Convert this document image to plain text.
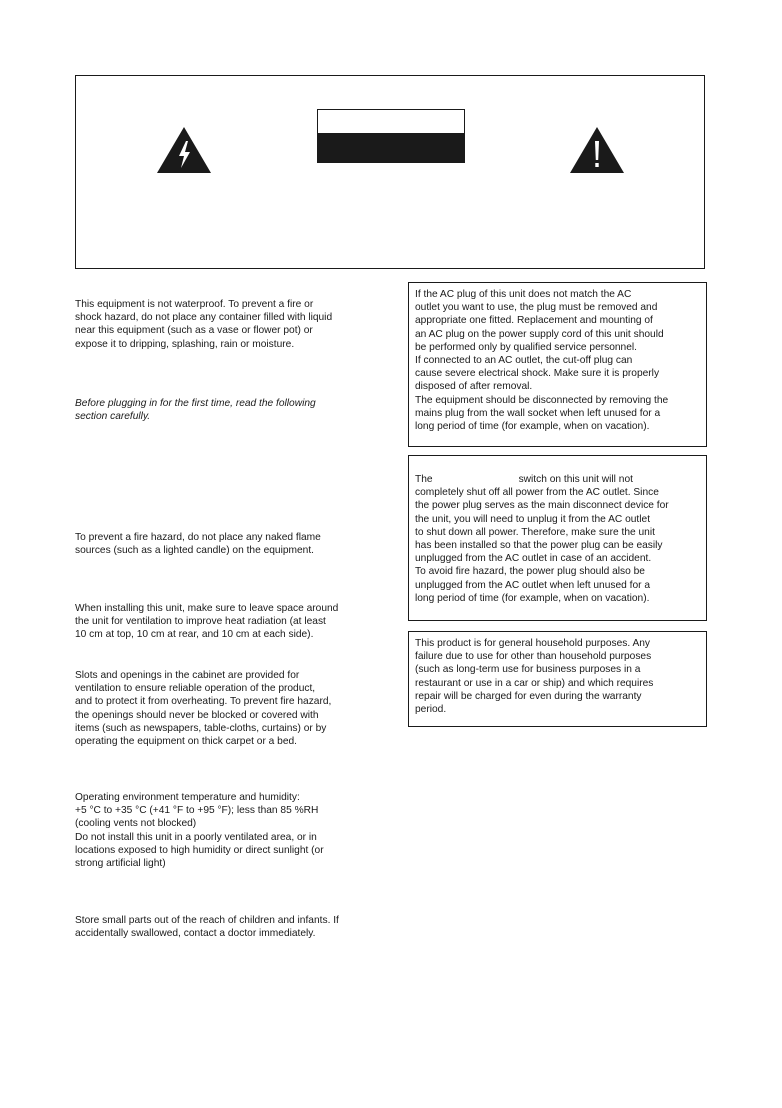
This equipment is not waterproof. To prevent a fire or
shock hazard, do not place any container filled with liquid
near this equipment (such as a vase or flower pot) or
expose it to dripping, splashing, rain or moisture.

Before plugging in for the first time, read the following
section carefully.

To prevent a fire hazard, do not place any naked flame
sources (such as a lighted candle) on the equipment.

When installing this unit, make sure to leave space around
the unit for ventilation to improve heat radiation (at least
10 cm at top, 10 cm at rear, and 10 cm at each side).

Slots and openings in the cabinet are provided for
ventilation to ensure reliable operation of the product,
and to protect it from overheating. To prevent fire hazard,
the openings should never be blocked or covered with
items (such as newspapers, table-cloths, curtains) or by
operating the equipment on thick carpet or a bed.

Operating environment temperature and humidity:
+5 °C to +35 °C (+41 °F to +95 °F); less than 85 %RH
(cooling vents not blocked)
Do not install this unit in a poorly ventilated area, or in
locations exposed to high humidity or direct sunlight (or
strong artificial light)

Store small parts out of the reach of children and infants. If
accidentally swallowed, contact a doctor immediately.

If the AC plug of this unit does not match the AC
outlet you want to use, the plug must be removed and
appropriate one fitted. Replacement and mounting of
an AC plug on the power supply cord of this unit should
be performed only by qualified service personnel.
If connected to an AC outlet, the cut-off plug can
cause severe electrical shock. Make sure it is properly
disposed of after removal.
The equipment should be disconnected by removing the
mains plug from the wall socket when left unused for a
long period of time (for example, when on vacation).

The	switch on this unit will not
completely shut off all power from the AC outlet. Since
the power plug serves as the main disconnect device for
the unit, you will need to unplug it from the AC outlet
to shut down all power. Therefore, make sure the unit
has been installed so that the power plug can be easily
unplugged from the AC outlet in case of an accident.
To avoid fire hazard, the power plug should also be
unplugged from the AC outlet when left unused for a
long period of time (for example, when on vacation).

This product is for general household purposes. Any
failure due to use for other than household purposes
(such as long-term use for business purposes in a
restaurant or use in a car or ship) and which requires
repair will be charged for even during the warranty
period.
